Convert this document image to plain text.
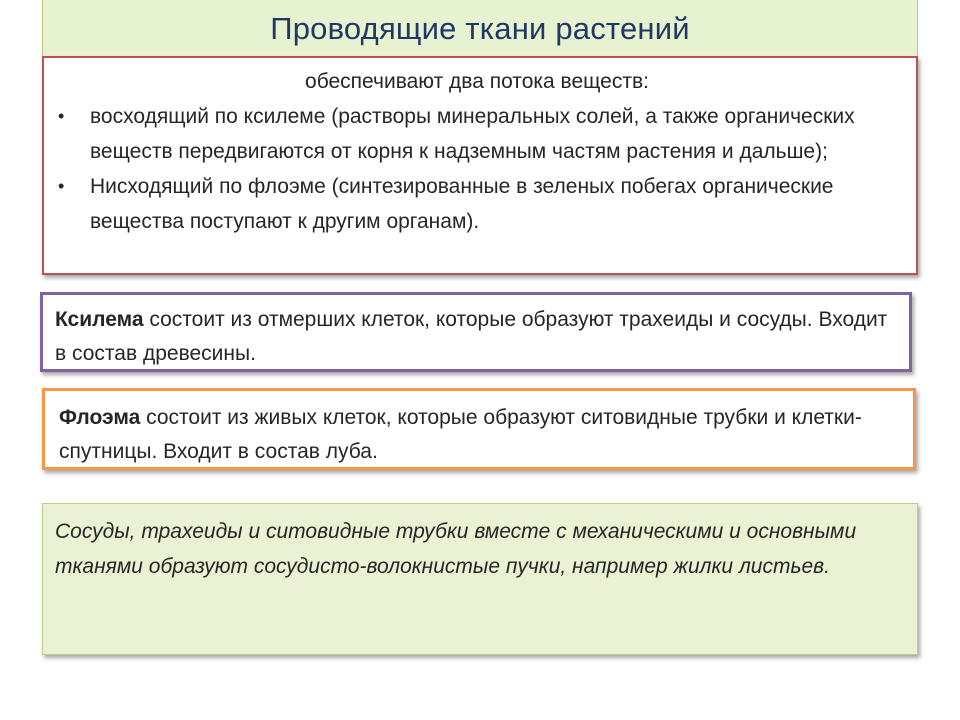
Проводящие ткани растений

обеспечивают два потока веществ:

• восходящий по ксилеме (растворы минеральных солей, а также органических веществ передвигаются от корня к надземным частям растения и дальше);
• Нисходящий по флоэме (синтезированные в зеленых побегах органические вещества поступают к другим органам).
Ксилема состоит из отмерших клеток, которые образуют трахеиды и сосуды. Входит в состав древесины.
Флоэма состоит из живых клеток, которые образуют ситовидные трубки и клетки-спутницы. Входит в состав луба.
Сосуды, трахеиды и ситовидные трубки вместе с механическими и основными тканями образуют сосудисто-волокнистые пучки, например жилки листьев.
